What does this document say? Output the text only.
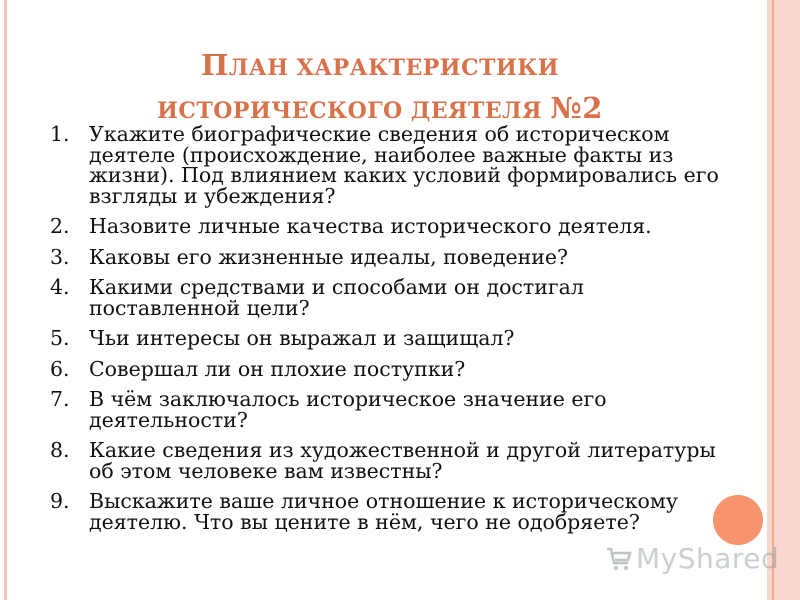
ПЛАН ХАРАКТЕРИСТИКИ
ИСТОРИЧЕСКОГО ДЕЯТЕЛЯ №2
1. Укажите биографические сведения об историческом деятеле (происхождение, наиболее важные факты из жизни). Под влиянием каких условий формировались его взгляды и убеждения?
2. Назовите личные качества исторического деятеля.
3. Каковы его жизненные идеалы, поведение?
4. Какими средствами и способами он достигал поставленной цели?
5. Чьи интересы он выражал и защищал?
6. Совершал ли он плохие поступки?
7. В чём заключалось историческое значение его деятельности?
8. Какие сведения из художественной и другой литературы об этом человеке вам известны?
9. Выскажите ваше личное отношение к историческому деятелю. Что вы цените в нём, чего не одобряете?
MyShared
